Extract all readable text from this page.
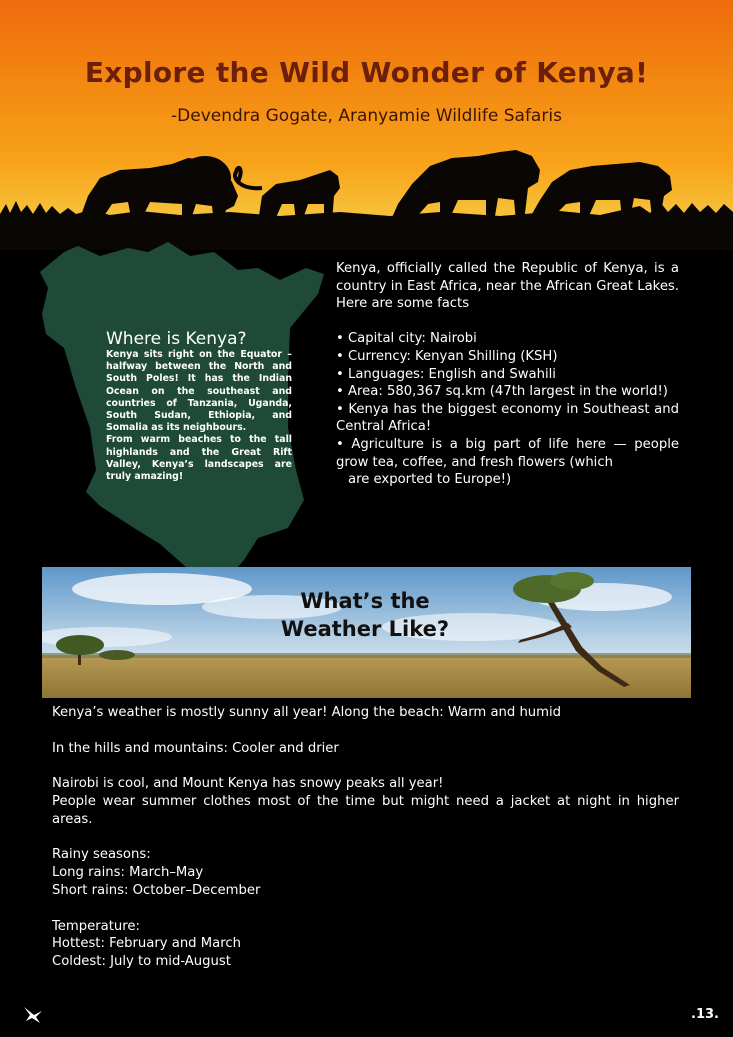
Explore the Wild Wonder of Kenya!
-Devendra Gogate, Aranyamie Wildlife Safaris
Where is Kenya?

Kenya sits right on the Equator – halfway between the North and South Poles! It has the Indian Ocean on the southeast and countries of Tanzania, Uganda, South Sudan, Ethiopia, and Somalia as its neighbours.

From warm beaches to the tall highlands and the Great Rift Valley, Kenya’s landscapes are truly amazing!

Kenya, officially called the Republic of Kenya, is a country in East Africa, near the African Great Lakes. Here are some facts

• Capital city: Nairobi

• Currency: Kenyan Shilling (KSH)

• Languages: English and Swahili

• Area: 580,367 sq.km (47th largest in the world!)

• Kenya has the biggest economy in Southeast and Central Africa!

• Agriculture is a big part of life here — people grow tea, coffee, and fresh flowers (which

are exported to Europe!)

What’s the
Weather Like?

Kenya’s weather is mostly sunny all year! Along the beach: Warm and humid

In the hills and mountains: Cooler and drier

Nairobi is cool, and Mount Kenya has snowy peaks all year!

People wear summer clothes most of the time but might need a jacket at night in higher areas.

Rainy seasons:

Long rains: March–May

Short rains: October–December

Temperature:

Hottest: February and March

Coldest: July to mid-August

.13.
